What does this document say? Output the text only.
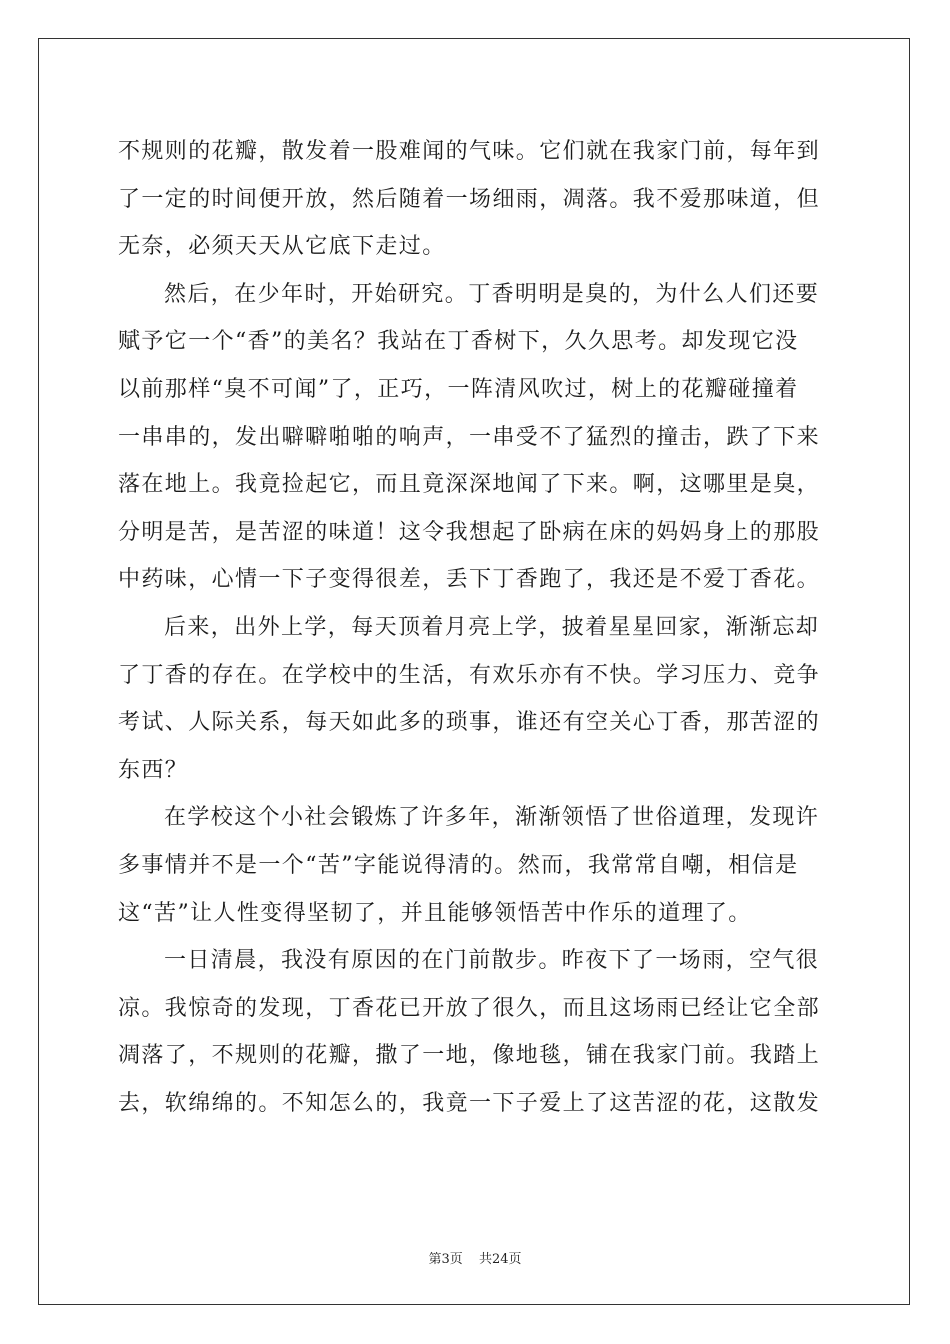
不规则的花瓣，散发着一股难闻的气味。它们就在我家门前，每年到
了一定的时间便开放，然后随着一场细雨，凋落。我不爱那味道，但
无奈，必须天天从它底下走过。
然后，在少年时，开始研究。丁香明明是臭的，为什么人们还要
赋予它一个“香”的美名？我站在丁香树下，久久思考。却发现它没
以前那样“臭不可闻”了，正巧，一阵清风吹过，树上的花瓣碰撞着
一串串的，发出噼噼啪啪的响声，一串受不了猛烈的撞击，跌了下来
落在地上。我竟捡起它，而且竟深深地闻了下来。啊，这哪里是臭，
分明是苦，是苦涩的味道！这令我想起了卧病在床的妈妈身上的那股
中药味，心情一下子变得很差，丢下丁香跑了，我还是不爱丁香花。
后来，出外上学，每天顶着月亮上学，披着星星回家，渐渐忘却
了丁香的存在。在学校中的生活，有欢乐亦有不快。学习压力、竞争
考试、人际关系，每天如此多的琐事，谁还有空关心丁香，那苦涩的
东西？
在学校这个小社会锻炼了许多年，渐渐领悟了世俗道理，发现许
多事情并不是一个“苦”字能说得清的。然而，我常常自嘲，相信是
这“苦”让人性变得坚韧了，并且能够领悟苦中作乐的道理了。
一日清晨，我没有原因的在门前散步。昨夜下了一场雨，空气很
凉。我惊奇的发现，丁香花已开放了很久，而且这场雨已经让它全部
凋落了，不规则的花瓣，撒了一地，像地毯，铺在我家门前。我踏上
去，软绵绵的。不知怎么的，我竟一下子爱上了这苦涩的花，这散发
第3页 共24页
